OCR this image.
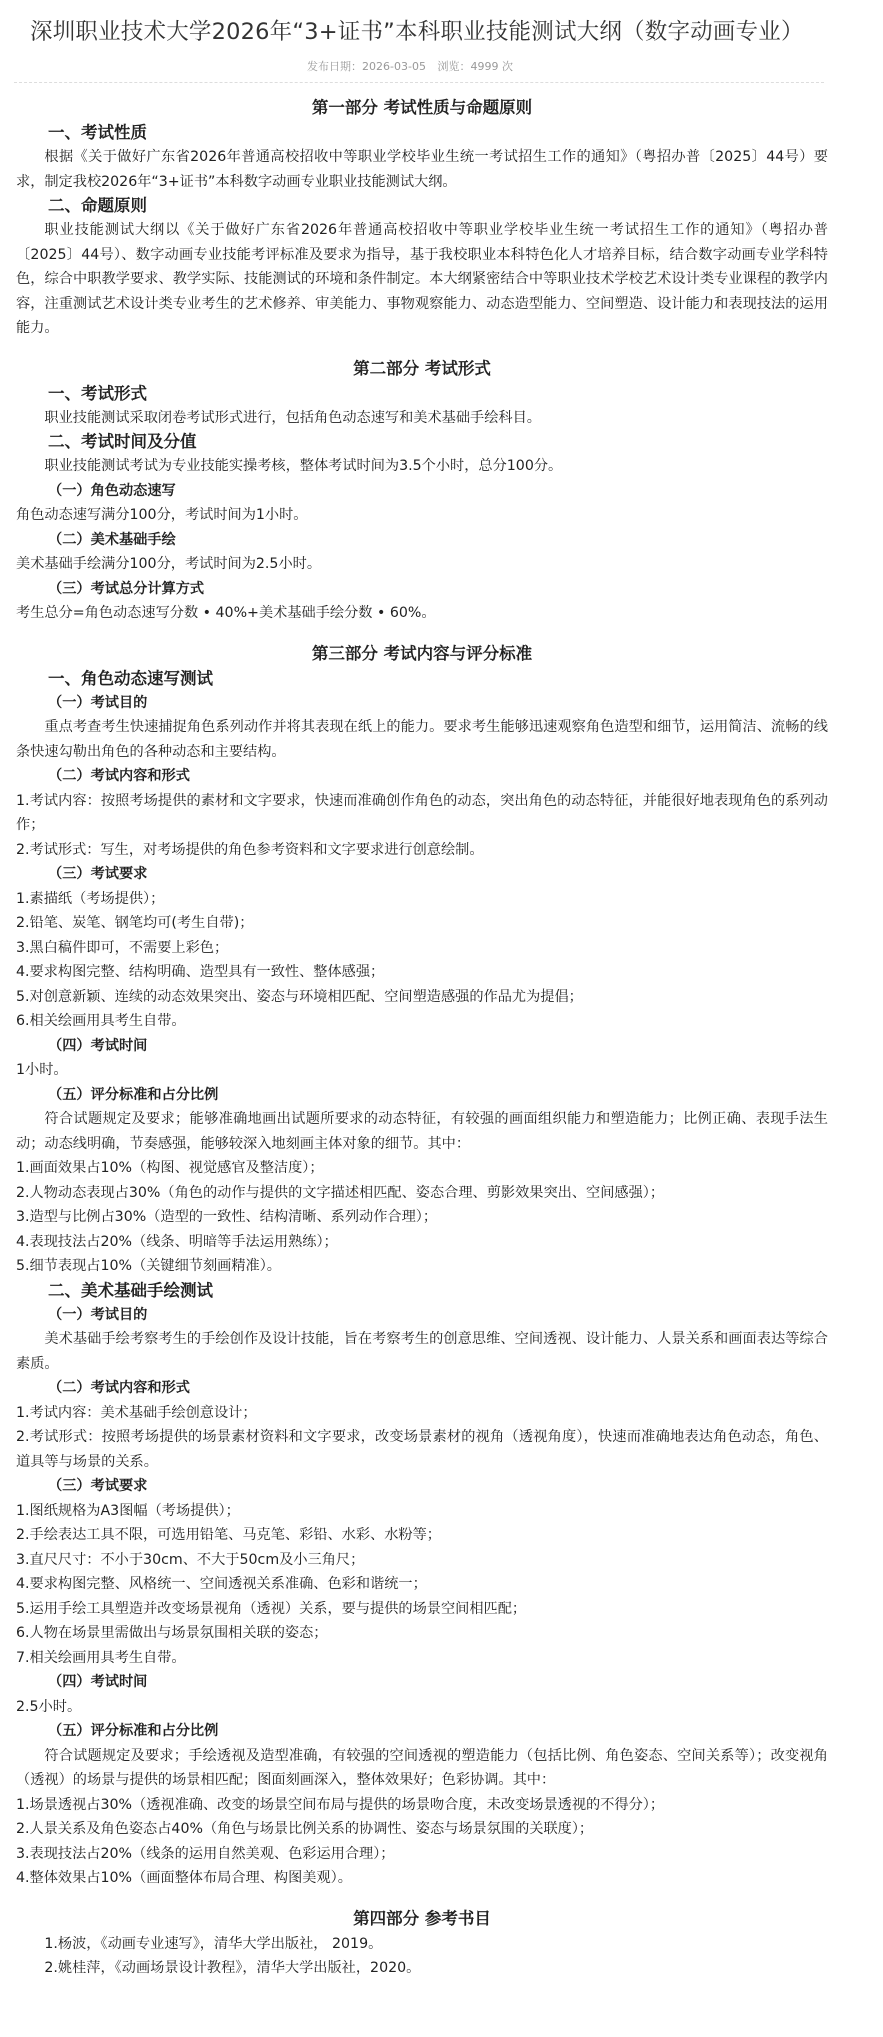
深圳职业技术大学2026年“3+证书”本科职业技能测试大纲（数字动画专业）
发布日期：2026-03-05 浏览：4999 次
第一部分 考试性质与命题原则
一、考试性质
根据《关于做好广东省2026年普通高校招收中等职业学校毕业生统一考试招生工作的通知》（粤招办普〔2025〕44号）要求，制定我校2026年“3+证书”本科数字动画专业职业技能测试大纲。
二、命题原则
职业技能测试大纲以《关于做好广东省2026年普通高校招收中等职业学校毕业生统一考试招生工作的通知》（粤招办普〔2025〕44号）、数字动画专业技能考评标准及要求为指导，基于我校职业本科特色化人才培养目标，结合数字动画专业学科特色，综合中职教学要求、教学实际、技能测试的环境和条件制定。本大纲紧密结合中等职业技术学校艺术设计类专业课程的教学内容，注重测试艺术设计类专业考生的艺术修养、审美能力、事物观察能力、动态造型能力、空间塑造、设计能力和表现技法的运用能力。
第二部分 考试形式
一、考试形式
职业技能测试采取闭卷考试形式进行，包括角色动态速写和美术基础手绘科目。
二、考试时间及分值
职业技能测试考试为专业技能实操考核，整体考试时间为3.5个小时，总分100分。
（一）角色动态速写
角色动态速写满分100分，考试时间为1小时。
（二）美术基础手绘
美术基础手绘满分100分，考试时间为2.5小时。
（三）考试总分计算方式
考生总分=角色动态速写分数 • 40%+美术基础手绘分数 • 60%。
第三部分 考试内容与评分标准
一、角色动态速写测试
（一）考试目的
重点考查考生快速捕捉角色系列动作并将其表现在纸上的能力。要求考生能够迅速观察角色造型和细节，运用简洁、流畅的线条快速勾勒出角色的各种动态和主要结构。
（二）考试内容和形式
1.考试内容：按照考场提供的素材和文字要求，快速而准确创作角色的动态，突出角色的动态特征，并能很好地表现角色的系列动作；
2.考试形式：写生，对考场提供的角色参考资料和文字要求进行创意绘制。
（三）考试要求
1.素描纸（考场提供）；
2.铅笔、炭笔、钢笔均可(考生自带)；
3.黑白稿件即可，不需要上彩色；
4.要求构图完整、结构明确、造型具有一致性、整体感强；
5.对创意新颖、连续的动态效果突出、姿态与环境相匹配、空间塑造感强的作品尤为提倡；
6.相关绘画用具考生自带。
（四）考试时间
1小时。
（五）评分标准和占分比例
符合试题规定及要求；能够准确地画出试题所要求的动态特征，有较强的画面组织能力和塑造能力；比例正确、表现手法生动；动态线明确，节奏感强，能够较深入地刻画主体对象的细节。其中：
1.画面效果占10%（构图、视觉感官及整洁度）；
2.人物动态表现占30%（角色的动作与提供的文字描述相匹配、姿态合理、剪影效果突出、空间感强）；
3.造型与比例占30%（造型的一致性、结构清晰、系列动作合理）；
4.表现技法占20%（线条、明暗等手法运用熟练）；
5.细节表现占10%（关键细节刻画精准）。
二、美术基础手绘测试
（一）考试目的
美术基础手绘考察考生的手绘创作及设计技能，旨在考察考生的创意思维、空间透视、设计能力、人景关系和画面表达等综合素质。
（二）考试内容和形式
1.考试内容：美术基础手绘创意设计；
2.考试形式：按照考场提供的场景素材资料和文字要求，改变场景素材的视角（透视角度），快速而准确地表达角色动态，角色、道具等与场景的关系。
（三）考试要求
1.图纸规格为A3图幅（考场提供）；
2.手绘表达工具不限，可选用铅笔、马克笔、彩铅、水彩、水粉等；
3.直尺尺寸：不小于30cm、不大于50cm及小三角尺；
4.要求构图完整、风格统一、空间透视关系准确、色彩和谐统一；
5.运用手绘工具塑造并改变场景视角（透视）关系，要与提供的场景空间相匹配；
6.人物在场景里需做出与场景氛围相关联的姿态；
7.相关绘画用具考生自带。
（四）考试时间
2.5小时。
（五）评分标准和占分比例
符合试题规定及要求；手绘透视及造型准确，有较强的空间透视的塑造能力（包括比例、角色姿态、空间关系等）；改变视角（透视）的场景与提供的场景相匹配；图面刻画深入，整体效果好；色彩协调。其中：
1.场景透视占30%（透视准确、改变的场景空间布局与提供的场景吻合度，未改变场景透视的不得分）；
2.人景关系及角色姿态占40%（角色与场景比例关系的协调性、姿态与场景氛围的关联度）；
3.表现技法占20%（线条的运用自然美观、色彩运用合理）；
4.整体效果占10%（画面整体布局合理、构图美观）。
第四部分 参考书目
1.杨波，《动画专业速写》，清华大学出版社， 2019。
2.姚桂萍，《动画场景设计教程》，清华大学出版社，2020。
